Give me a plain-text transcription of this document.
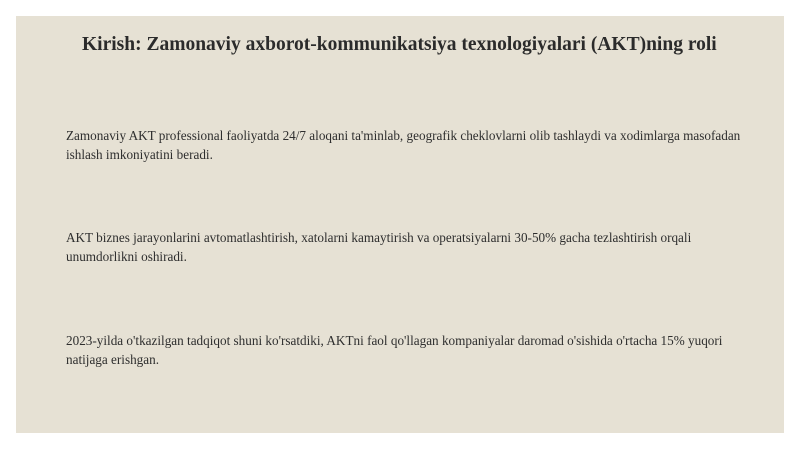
Kirish: Zamonaviy axborot-kommunikatsiya texnologiyalari (AKT)ning roli

Zamonaviy AKT professional faoliyatda 24/7 aloqani ta'minlab, geografik cheklovlarni olib tashlaydi va xodimlarga masofadan ishlash imkoniyatini beradi.

AKT biznes jarayonlarini avtomatlashtirish, xatolarni kamaytirish va operatsiyalarni 30-50% gacha tezlashtirish orqali unumdorlikni oshiradi.

2023-yilda o'tkazilgan tadqiqot shuni ko'rsatdiki, AKTni faol qo'llagan kompaniyalar daromad o'sishida o'rtacha 15% yuqori natijaga erishgan.
